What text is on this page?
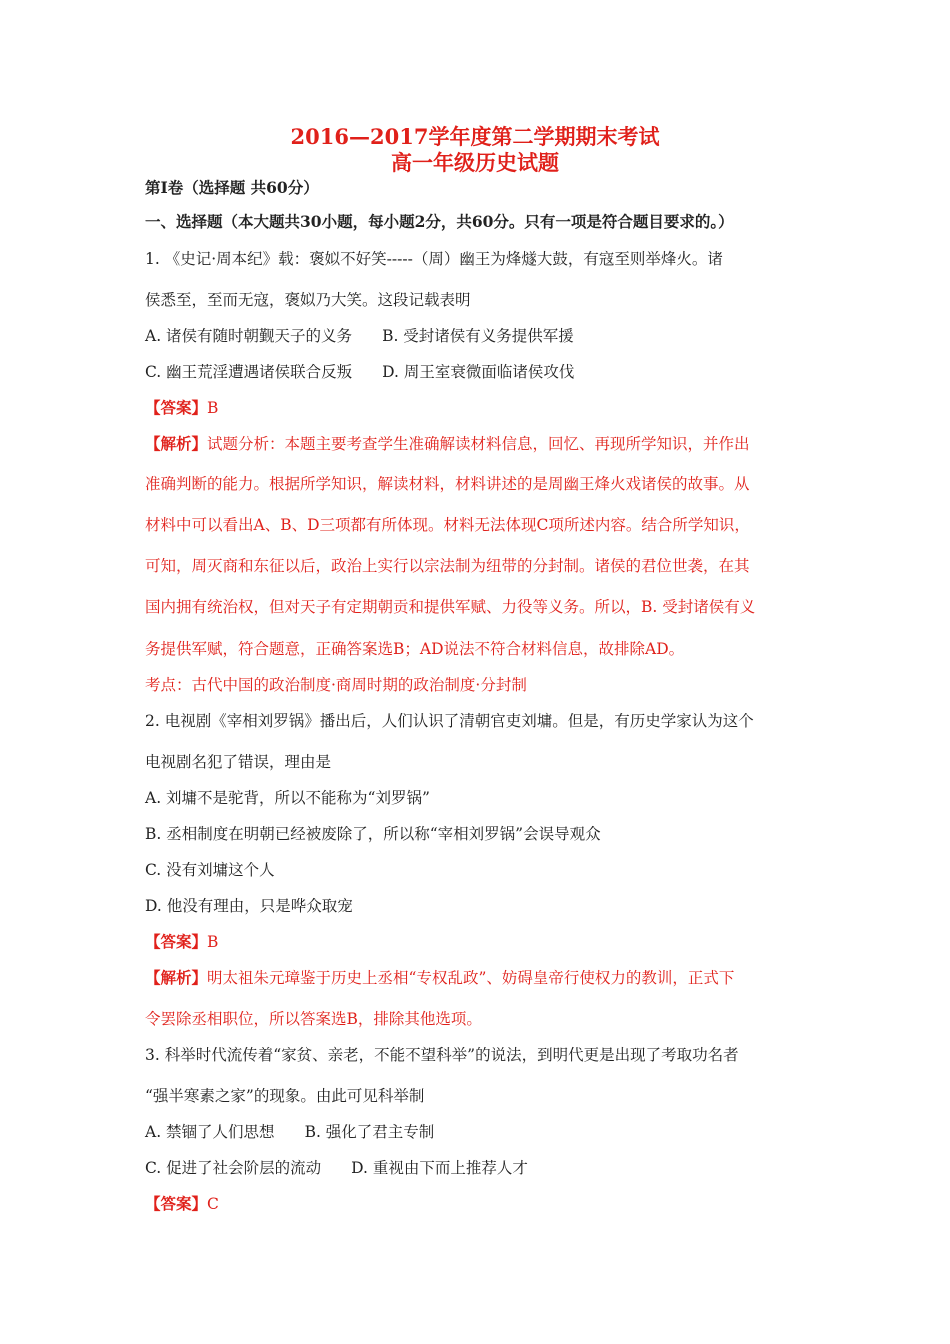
2016—2017学年度第二学期期末考试
高一年级历史试题
第Ⅰ卷（选择题 共60分）
一、选择题（本大题共30小题，每小题2分，共60分。只有一项是符合题目要求的。）
1. 《史记·周本纪》载：褒姒不好笑-----（周）幽王为烽燧大鼓，有寇至则举烽火。诸
侯悉至，至而无寇，褒姒乃大笑。这段记载表明
A. 诸侯有随时朝觐天子的义务 B. 受封诸侯有义务提供军援
C. 幽王荒淫遭遇诸侯联合反叛 D. 周王室衰微面临诸侯攻伐
【答案】B
【解析】试题分析：本题主要考查学生准确解读材料信息，回忆、再现所学知识，并作出
准确判断的能力。根据所学知识，解读材料，材料讲述的是周幽王烽火戏诸侯的故事。从
材料中可以看出A、B、D三项都有所体现。材料无法体现C项所述内容。结合所学知识，
可知，周灭商和东征以后，政治上实行以宗法制为纽带的分封制。诸侯的君位世袭，在其
国内拥有统治权，但对天子有定期朝贡和提供军赋、力役等义务。所以，B. 受封诸侯有义
务提供军赋，符合题意，正确答案选B；AD说法不符合材料信息，故排除AD。
考点：古代中国的政治制度·商周时期的政治制度·分封制
2. 电视剧《宰相刘罗锅》播出后，人们认识了清朝官吏刘墉。但是，有历史学家认为这个
电视剧名犯了错误，理由是
A. 刘墉不是驼背，所以不能称为“刘罗锅”
B. 丞相制度在明朝已经被废除了，所以称“宰相刘罗锅”会误导观众
C. 没有刘墉这个人
D. 他没有理由，只是哗众取宠
【答案】B
【解析】明太祖朱元璋鉴于历史上丞相“专权乱政”、妨碍皇帝行使权力的教训，正式下
令罢除丞相职位，所以答案选B，排除其他选项。
3. 科举时代流传着“家贫、亲老，不能不望科举”的说法，到明代更是出现了考取功名者
“强半寒素之家”的现象。由此可见科举制
A. 禁锢了人们思想 B. 强化了君主专制
C. 促进了社会阶层的流动 D. 重视由下而上推荐人才
【答案】C
